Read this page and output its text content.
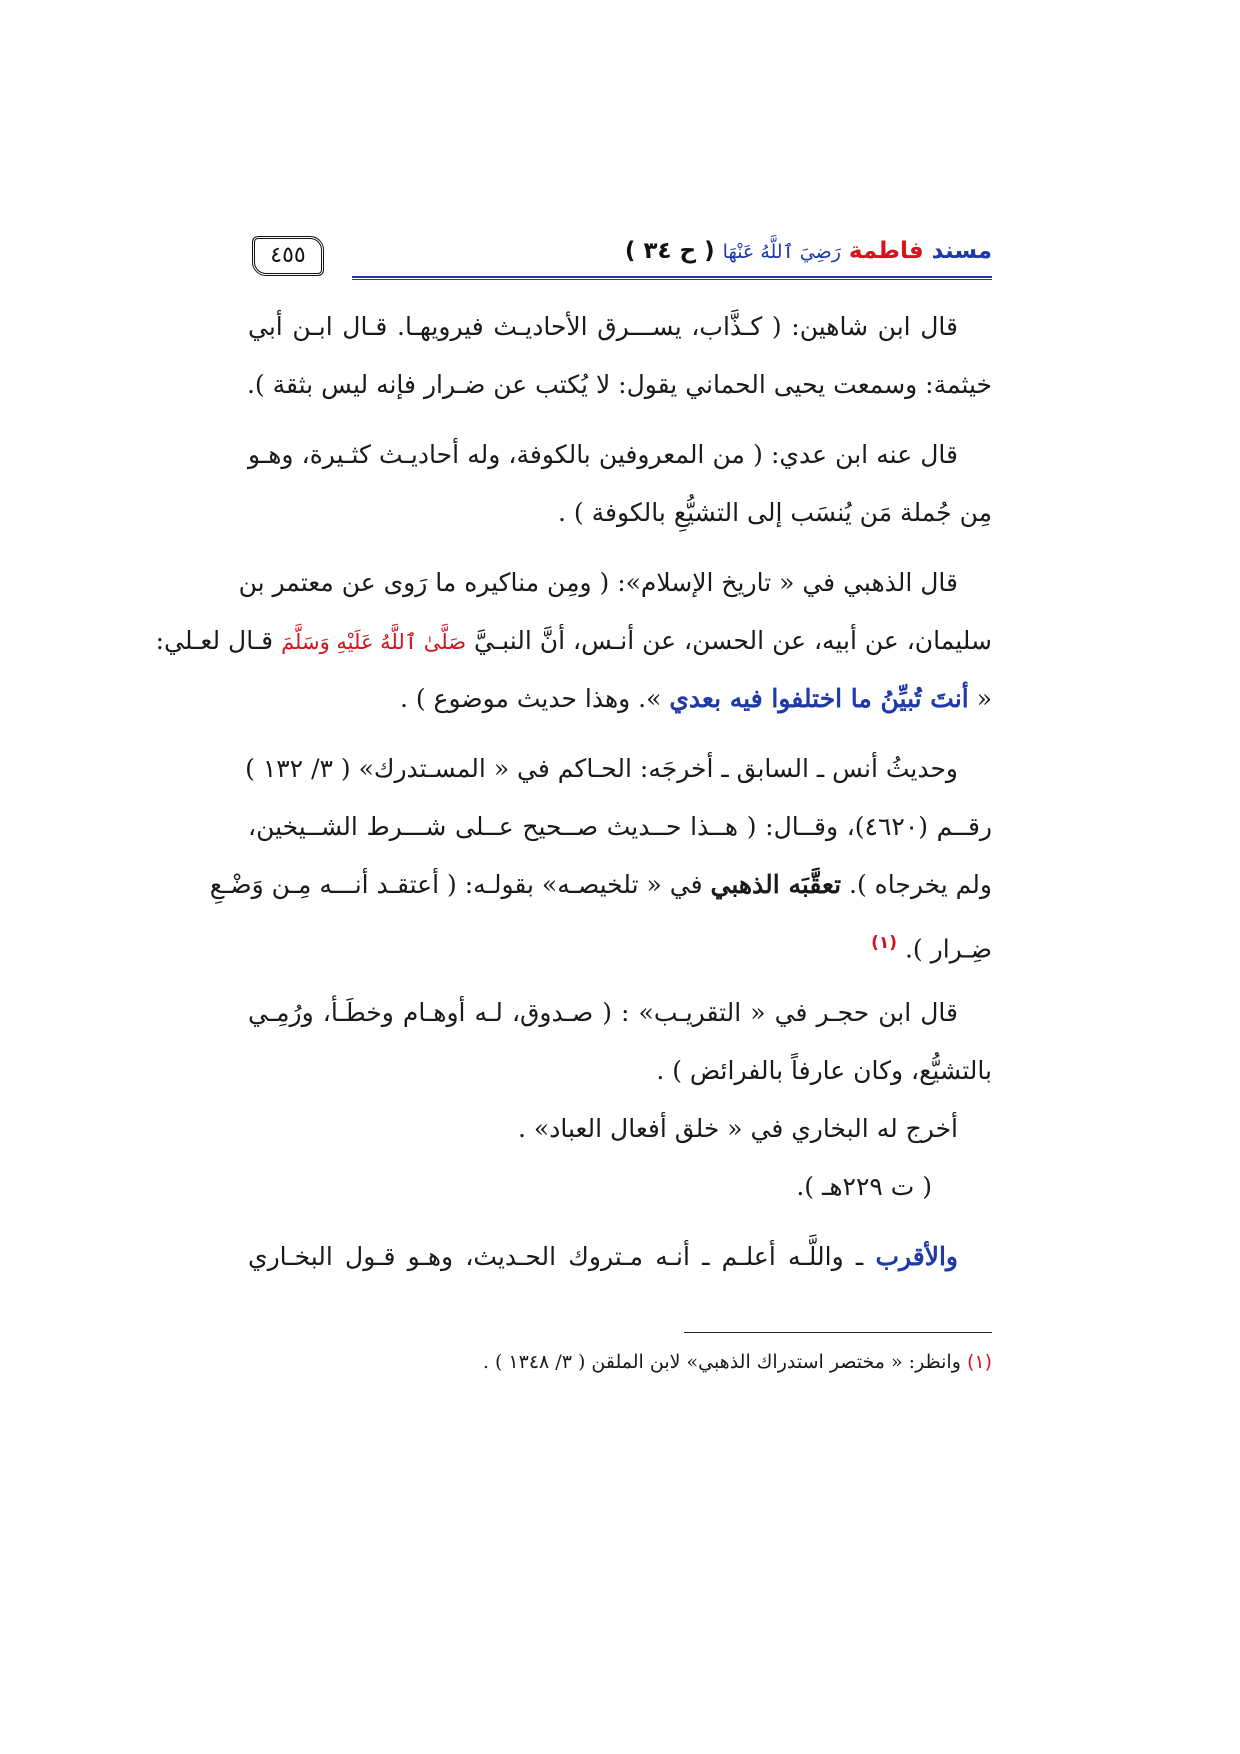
٤٥٥	مسند فاطمة رَضِيَ ٱللَّهُ عَنْهَا ( ح ٣٤ )
قال ابن شاهين: ( كـذَّاب، يســـرق الأحاديـث فيرويهـا. قـال ابـن أبي
خيثمة: وسمعت يحيى الحماني يقول: لا يُكتب عن ضـرار فإنه ليس بثقة ).
قال عنه ابن عدي: ( من المعروفين بالكوفة، وله أحاديـث كثـيرة، وهـو
مِن جُملة مَن يُنسَب إلى التشيُّعِ بالكوفة ) .
قال الذهبي في « تاريخ الإسلام»: ( ومِن مناكيره ما رَوى عن معتمر بن
سليمان، عن أبيه، عن الحسن، عن أنـس، أنَّ النبـيَّ صَلَّىٰ ٱللَّهُ عَلَيْهِ وَسَلَّمَ قـال لعـلي:
« أنتَ تُبيِّنُ ما اختلفوا فيه بعدي ». وهذا حديث موضوع ) .
وحديثُ أنس ـ السابق ـ أخرجَه: الحـاكم في « المسـتدرك» ( ٣/ ١٣٢ )
رقــم (٤٦٢٠)، وقــال: ( هــذا حــديث صــحيح عــلى شـــرط الشــيخين،
ولم يخرجاه ). تعقَّبَه الذهبي في « تلخيصـه» بقولـه: ( أعتقـد أنـــه مِـن وَضْـعِ
ضِـرار ). $^{(١)}$
قال ابن حجـر في « التقريـب» : ( صـدوق، لـه أوهـام وخطَـأ، ورُمِـي
بالتشيُّع، وكان عارفاً بالفرائض ) .
أخرج له البخاري في « خلق أفعال العباد» .
( ت ٢٢٩هـ ).
والأقرب ـ واللَّـه أعلـم ـ أنـه مـتروك الحـديث، وهـو قـول البخـاري
(١) وانظر: « مختصر استدراك الذهبي» لابن الملقن ( ٣/ ١٣٤٨ ) .
